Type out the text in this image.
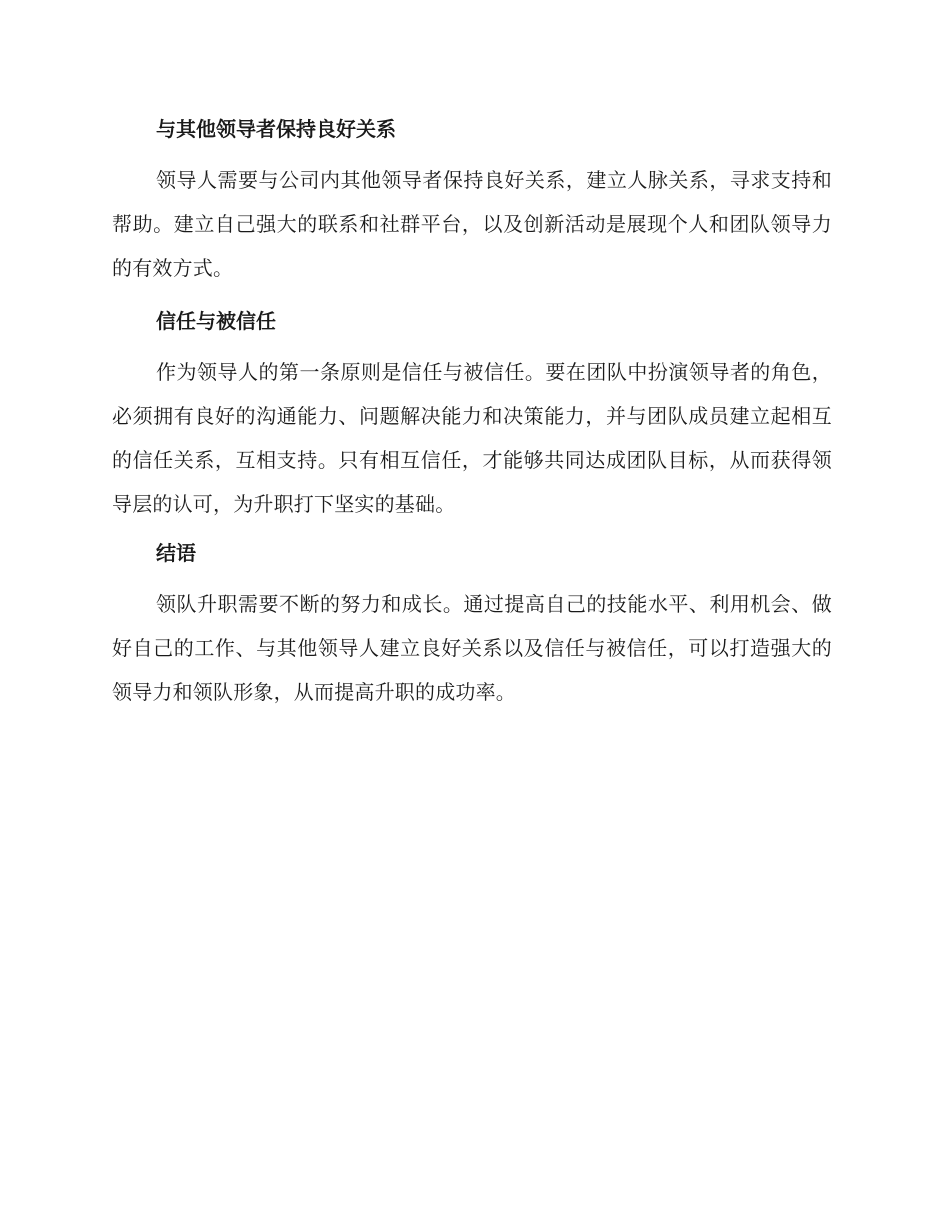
与其他领导者保持良好关系

领导人需要与公司内其他领导者保持良好关系，建立人脉关系，寻求支持和帮助。建立自己强大的联系和社群平台，以及创新活动是展现个人和团队领导力的有效方式。

信任与被信任

作为领导人的第一条原则是信任与被信任。要在团队中扮演领导者的角色，必须拥有良好的沟通能力、问题解决能力和决策能力，并与团队成员建立起相互的信任关系，互相支持。只有相互信任，才能够共同达成团队目标，从而获得领导层的认可，为升职打下坚实的基础。

结语

领队升职需要不断的努力和成长。通过提高自己的技能水平、利用机会、做好自己的工作、与其他领导人建立良好关系以及信任与被信任，可以打造强大的领导力和领队形象，从而提高升职的成功率。
